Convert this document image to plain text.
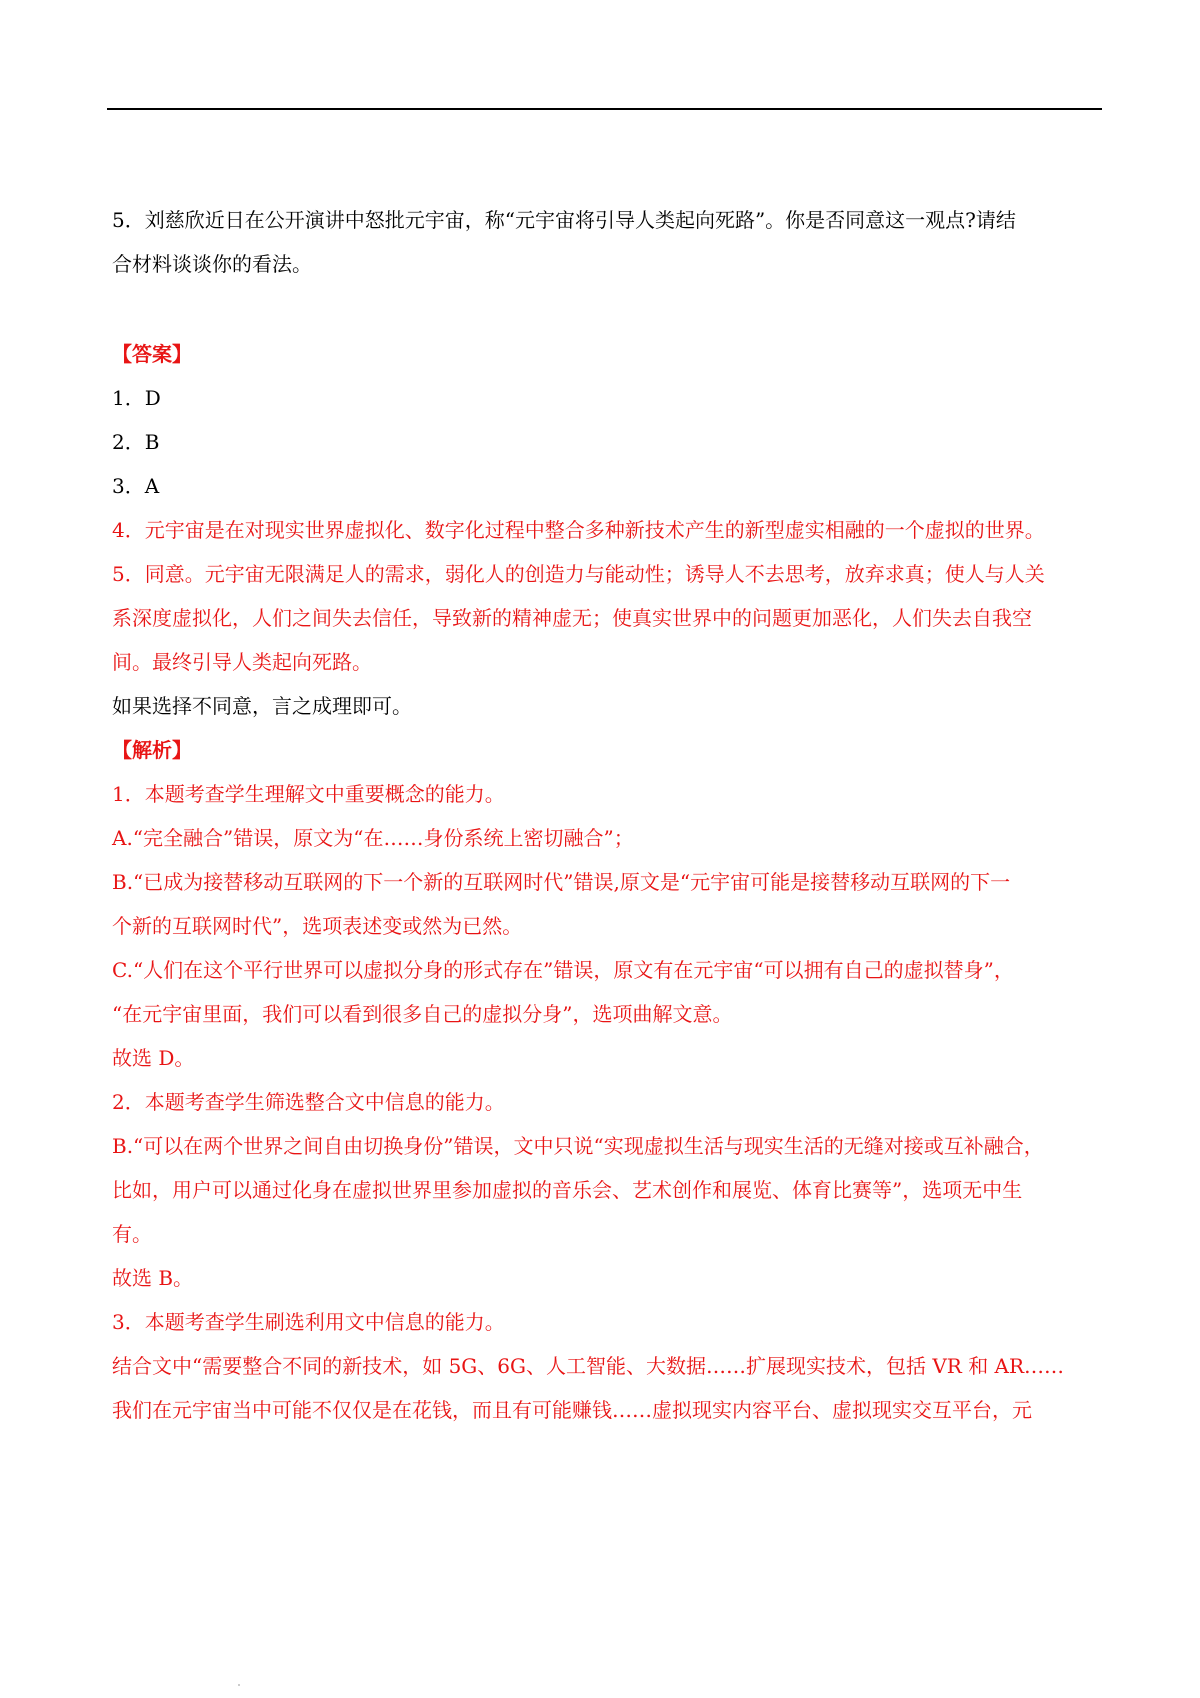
5．刘慈欣近日在公开演讲中怒批元宇宙，称“元宇宙将引导人类起向死路”。你是否同意这一观点?请结

合材料谈谈你的看法。

【答案】

1．D

2．B

3．A

4．元宇宙是在对现实世界虚拟化、数字化过程中整合多种新技术产生的新型虚实相融的一个虚拟的世界。

5．同意。元宇宙无限满足人的需求，弱化人的创造力与能动性；诱导人不去思考，放弃求真；使人与人关

系深度虚拟化，人们之间失去信任，导致新的精神虚无；使真实世界中的问题更加恶化，人们失去自我空

间。最终引导人类起向死路。

如果选择不同意，言之成理即可。

【解析】

1．本题考查学生理解文中重要概念的能力。

A.“完全融合”错误，原文为“在……身份系统上密切融合”；

B.“已成为接替移动互联网的下一个新的互联网时代”错误,原文是“元宇宙可能是接替移动互联网的下一

个新的互联网时代”，选项表述变或然为已然。

C.“人们在这个平行世界可以虚拟分身的形式存在”错误，原文有在元宇宙“可以拥有自己的虚拟替身”，

“在元宇宙里面，我们可以看到很多自己的虚拟分身”，选项曲解文意。

故选 D。

2．本题考查学生筛选整合文中信息的能力。

B.“可以在两个世界之间自由切换身份”错误，文中只说“实现虚拟生活与现实生活的无缝对接或互补融合，

比如，用户可以通过化身在虚拟世界里参加虚拟的音乐会、艺术创作和展览、体育比赛等”，选项无中生

有。

故选 B。

3．本题考查学生刷选利用文中信息的能力。

结合文中“需要整合不同的新技术，如 5G、6G、人工智能、大数据……扩展现实技术，包括 VR 和 AR……

我们在元宇宙当中可能不仅仅是在花钱，而且有可能赚钱……虚拟现实内容平台、虚拟现实交互平台，元
